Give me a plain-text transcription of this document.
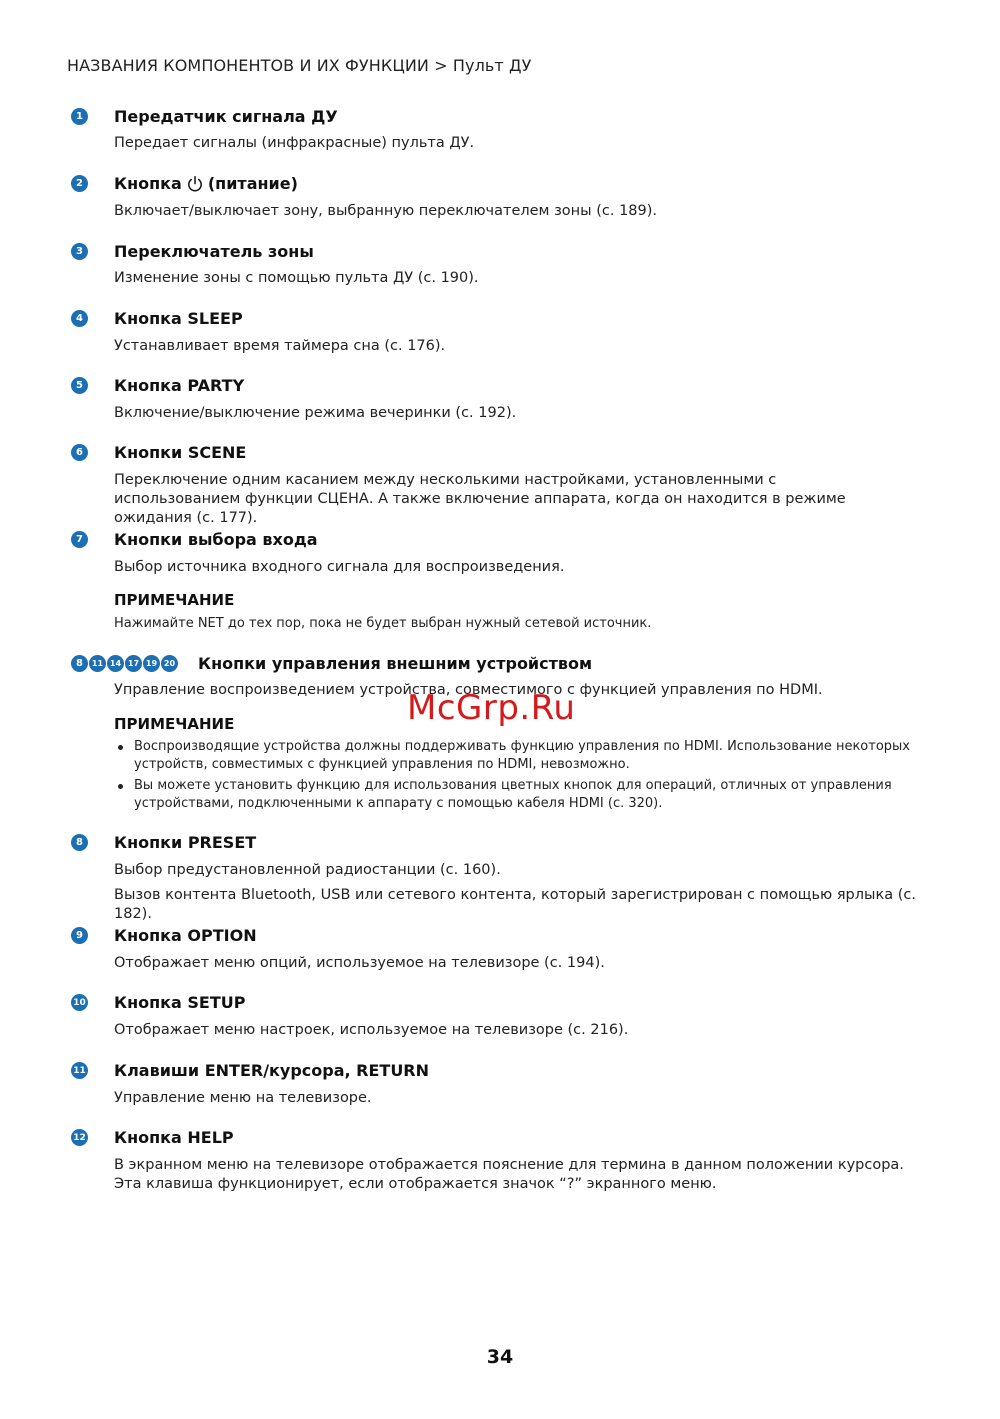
НАЗВАНИЯ КОМПОНЕНТОВ И ИХ ФУНКЦИИ > Пульт ДУ
1	Передатчик сигнала ДУ
Передает сигналы (инфракрасные) пульта ДУ.
2	Кнопка (питание)
Включает/выключает зону, выбранную переключателем зоны (с. 189).
3	Переключатель зоны
Изменение зоны с помощью пульта ДУ (с. 190).
4	Кнопка SLEEP
Устанавливает время таймера сна (с. 176).
5	Кнопка PARTY
Включение/выключение режима вечеринки (с. 192).
6	Кнопки SCENE
Переключение одним касанием между несколькими настройками, установленными с использованием функции СЦЕНА. А также включение аппарата, когда он находится в режиме ожидания (с. 177).
7	Кнопки выбора входа
Выбор источника входного сигнала для воспроизведения.
ПРИМЕЧАНИЕ
Нажимайте NET до тех пор, пока не будет выбран нужный сетевой источник.
8	11 14 17 19 20 Кнопки управления внешним устройством
Управление воспроизведением устройства, совместимого с функцией управления по HDMI.
ПРИМЕЧАНИЕ
Воспроизводящие устройства должны поддерживать функцию управления по HDMI. Использование некоторых устройств, совместимых с функцией управления по HDMI, невозможно.
Вы можете установить функцию для использования цветных кнопок для операций, отличных от управления устройствами, подключенными к аппарату с помощью кабеля HDMI (с. 320).
8	Кнопки PRESET
Выбор предустановленной радиостанции (с. 160).
Вызов контента Bluetooth, USB или сетевого контента, который зарегистрирован с помощью ярлыка (с. 182).
9	Кнопка OPTION
Отображает меню опций, используемое на телевизоре (с. 194).
10 Кнопка SETUP
Отображает меню настроек, используемое на телевизоре (с. 216).
11 Клавиши ENTER/курсора, RETURN
Управление меню на телевизоре.
12 Кнопка HELP
В экранном меню на телевизоре отображается пояснение для термина в данном положении курсора. Эта клавиша функционирует, если отображается значок “?” экранного меню.
McGrp.Ru
34
